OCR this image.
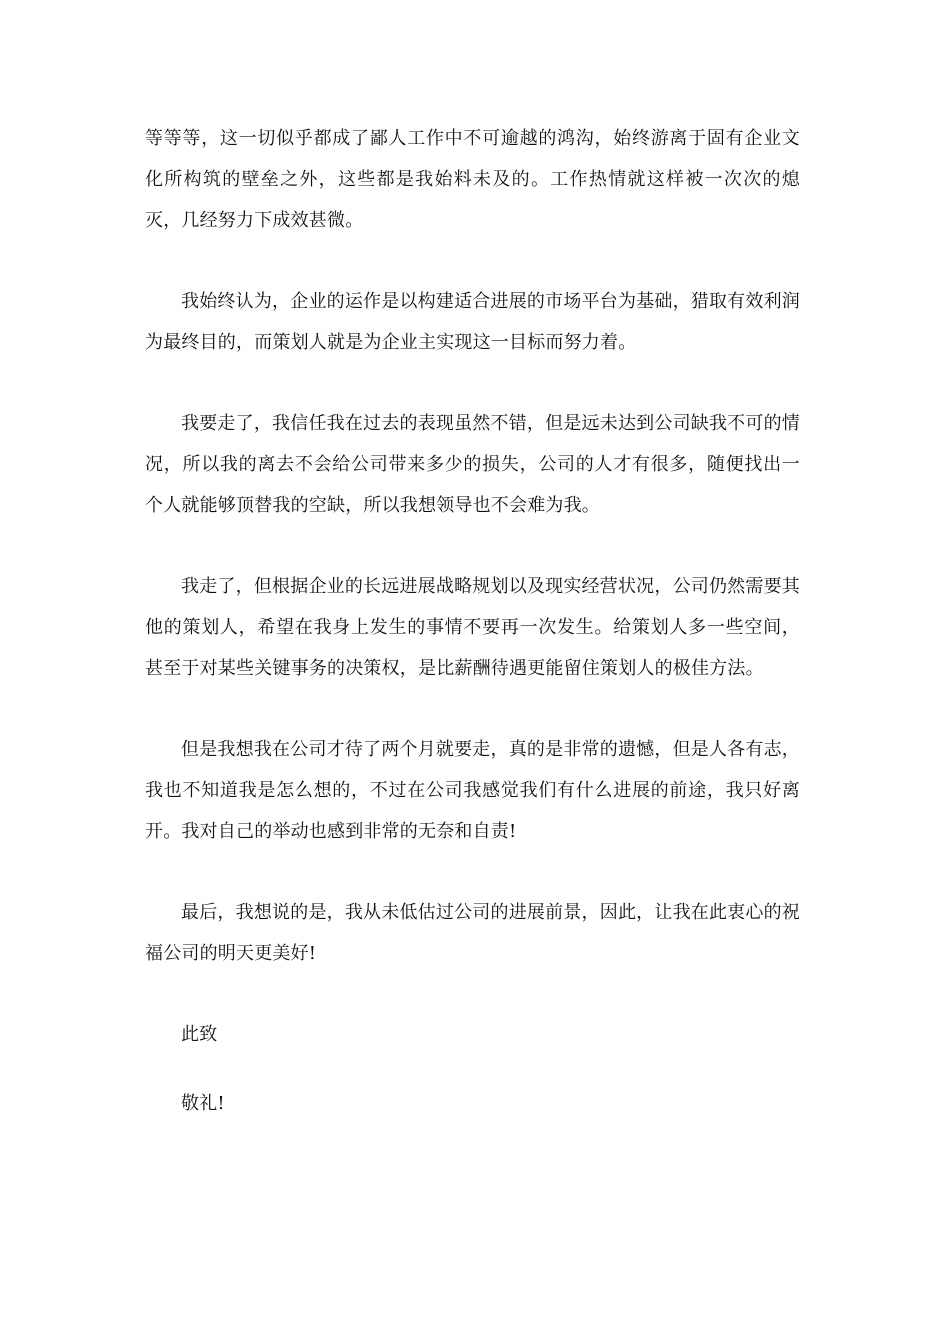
等等等，这一切似乎都成了鄙人工作中不可逾越的鸿沟，始终游离于固有企业文化所构筑的壁垒之外，这些都是我始料未及的。工作热情就这样被一次次的熄灭，几经努力下成效甚微。

我始终认为，企业的运作是以构建适合进展的市场平台为基础，猎取有效利润为最终目的，而策划人就是为企业主实现这一目标而努力着。

我要走了，我信任我在过去的表现虽然不错，但是远未达到公司缺我不可的情况，所以我的离去不会给公司带来多少的损失，公司的人才有很多，随便找出一个人就能够顶替我的空缺，所以我想领导也不会难为我。

我走了，但根据企业的长远进展战略规划以及现实经营状况，公司仍然需要其他的策划人，希望在我身上发生的事情不要再一次发生。给策划人多一些空间，甚至于对某些关键事务的决策权，是比薪酬待遇更能留住策划人的极佳方法。

但是我想我在公司才待了两个月就要走，真的是非常的遗憾，但是人各有志，我也不知道我是怎么想的，不过在公司我感觉我们有什么进展的前途，我只好离开。我对自己的举动也感到非常的无奈和自责!

最后，我想说的是，我从未低估过公司的进展前景，因此，让我在此衷心的祝福公司的明天更美好!

此致

敬礼!
